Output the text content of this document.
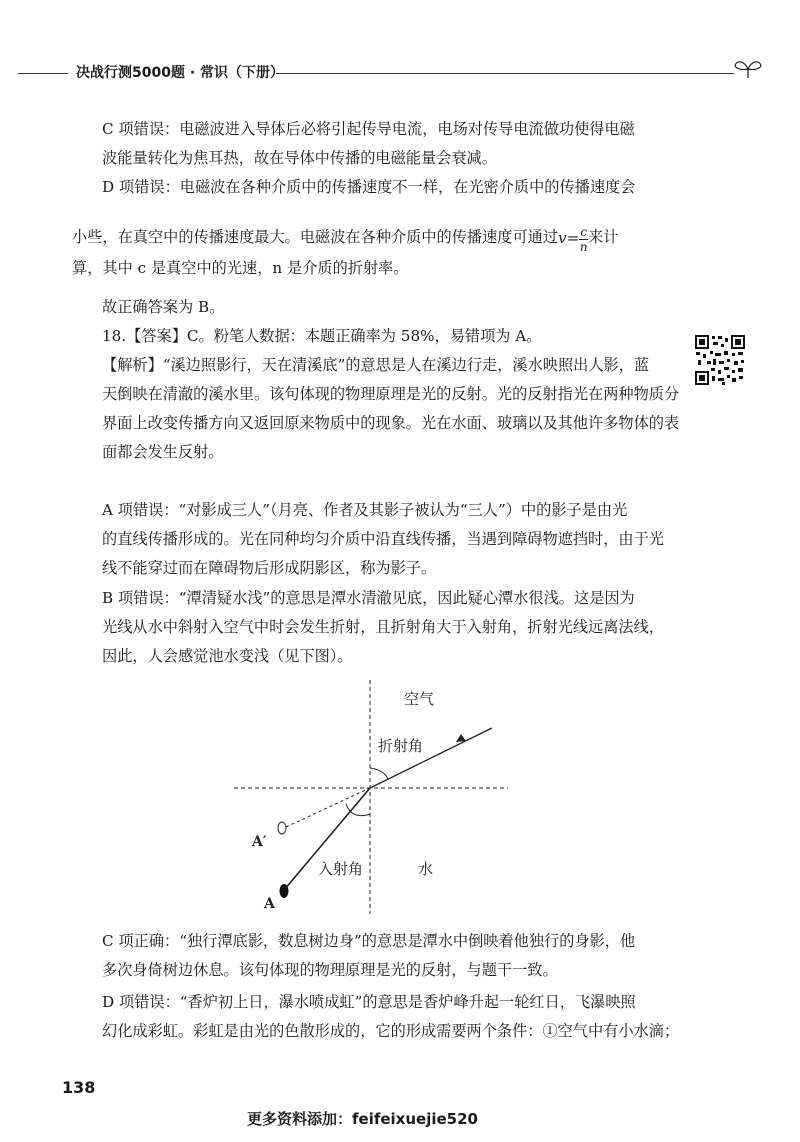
决战行测5000题 · 常识（下册）
C 项错误：电磁波进入导体后必将引起传导电流，电场对传导电流做功使得电磁
波能量转化为焦耳热，故在导体中传播的电磁能量会衰减。
D 项错误：电磁波在各种介质中的传播速度不一样，在光密介质中的传播速度会
小些，在真空中的传播速度最大。电磁波在各种介质中的传播速度可通过$v= \frac{c}{n}$ 来计
算，其中 c 是真空中的光速，n 是介质的折射率。
故正确答案为 B。
18.【答案】C。粉笔人数据：本题正确率为 58%，易错项为 A。
【解析】“溪边照影行，天在清溪底”的意思是人在溪边行走，溪水映照出人影，蓝
天倒映在清澈的溪水里。该句体现的物理原理是光的反射。光的反射指光在两种物质分
界面上改变传播方向又返回原来物质中的现象。光在水面、玻璃以及其他许多物体的表
面都会发生反射。
A 项错误：“对影成三人”（月亮、作者及其影子被认为“三人”）中的影子是由光
的直线传播形成的。光在同种均匀介质中沿直线传播，当遇到障碍物遮挡时，由于光
线不能穿过而在障碍物后形成阴影区，称为影子。
B 项错误：“潭清疑水浅”的意思是潭水清澈见底，因此疑心潭水很浅。这是因为
光线从水中斜射入空气中时会发生折射，且折射角大于入射角，折射光线远离法线，
因此，人会感觉池水变浅（见下图）。
空气
折射角
水
入射角
A′
A
C 项正确：“独行潭底影，数息树边身”的意思是潭水中倒映着他独行的身影，他
多次身倚树边休息。该句体现的物理原理是光的反射，与题干一致。
D 项错误：“香炉初上日，瀑水喷成虹”的意思是香炉峰升起一轮红日，飞瀑映照
幻化成彩虹。彩虹是由光的色散形成的，它的形成需要两个条件：①空气中有小水滴；
138
更多资料添加：feifeixuejie520
